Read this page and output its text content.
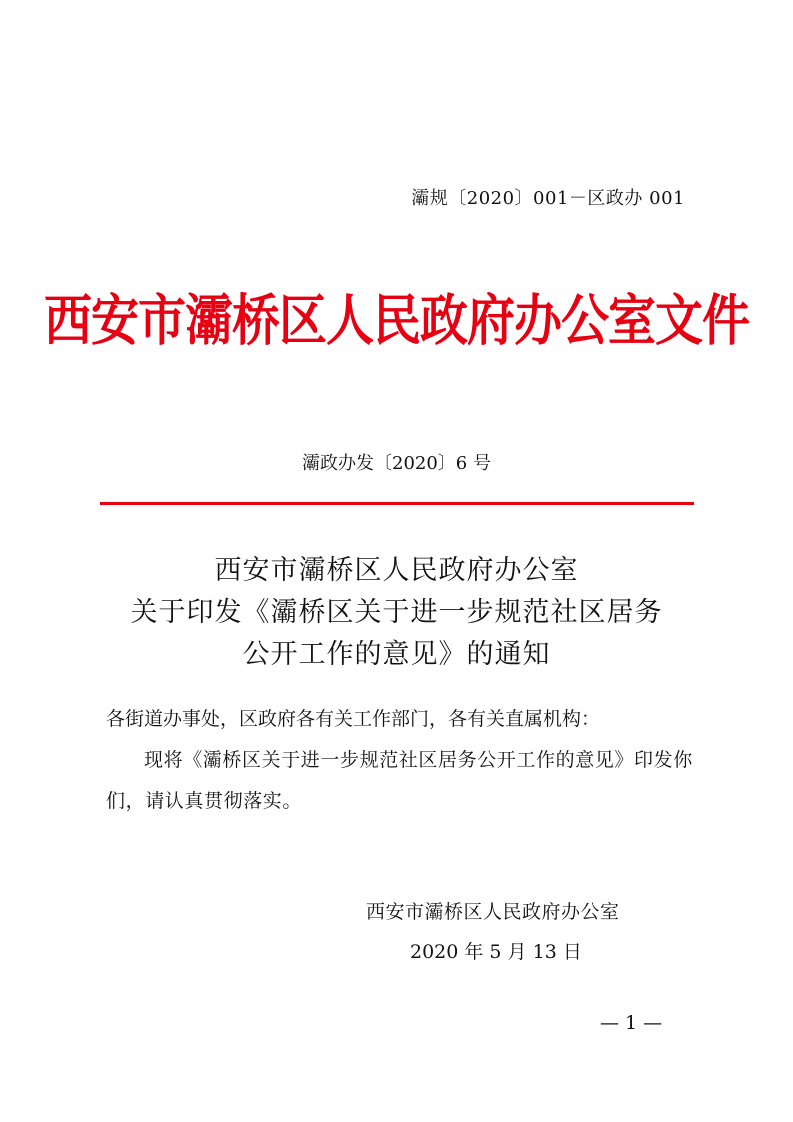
灞规〔2020〕001－区政办 001
西安市灞桥区人民政府办公室文件
灞政办发〔2020〕6 号
西安市灞桥区人民政府办公室
关于印发《灞桥区关于进一步规范社区居务
公开工作的意见》的通知
各街道办事处，区政府各有关工作部门，各有关直属机构：
现将《灞桥区关于进一步规范社区居务公开工作的意见》印发你们，请认真贯彻落实。
西安市灞桥区人民政府办公室
2020 年 5 月 13 日
— 1 —
